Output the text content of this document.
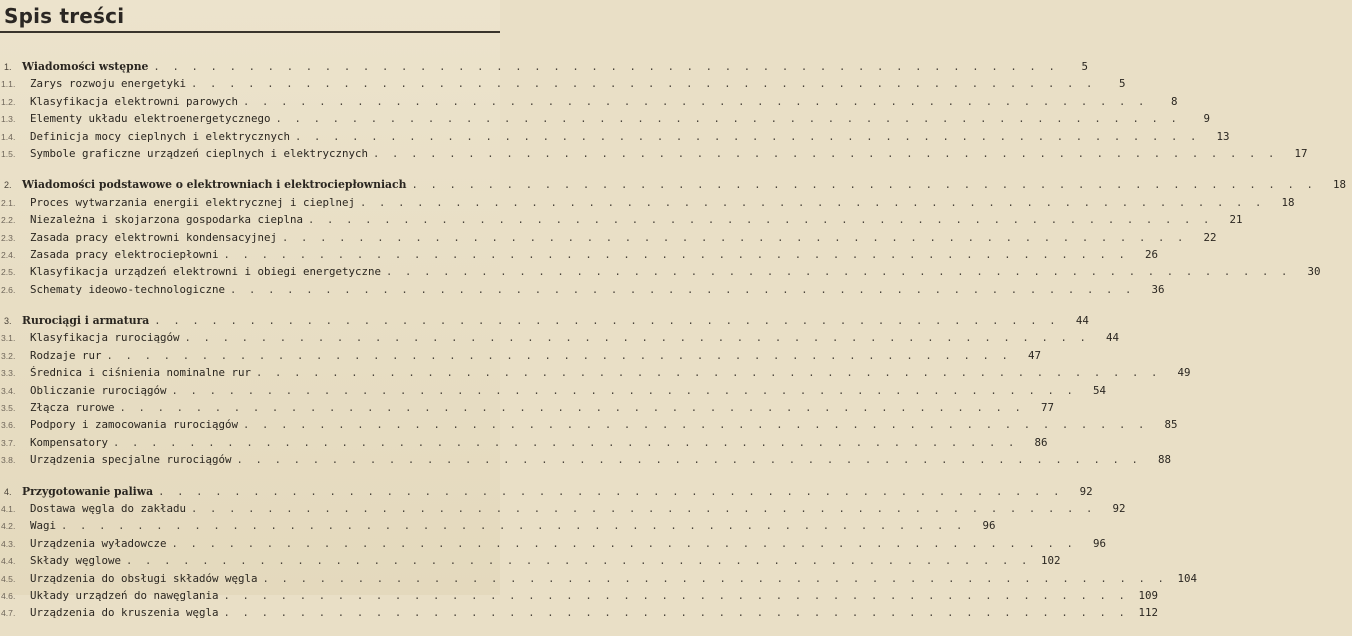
Spis treści
1. Wiadomości wstępne . . . . . . . . . . . . . . . . . . . . . . . . . . . . . . . . . . . . . . . . . . . . . . . .	5
1.1.	Zarys rozwoju energetyki . . . . . . . . . . . . . . . . . . . . . . . . . . . . . . . . . . . . . . . . . . . . . . . .	5
1.2.	Klasyfikacja elektrowni parowych . . . . . . . . . . . . . . . . . . . . . . . . . . . . . . . . . . . . . . . . . . . . . . . .	8
1.3.	Elementy układu elektroenergetycznego . . . . . . . . . . . . . . . . . . . . . . . . . . . . . . . . . . . . . . . . . . . . . . . .	9
1.4.	Definicja mocy cieplnych i elektrycznych . . . . . . . . . . . . . . . . . . . . . . . . . . . . . . . . . . . . . . . . . . . . . . . .	13
1.5.	Symbole graficzne urządzeń cieplnych i elektrycznych . . . . . . . . . . . . . . . . . . . . . . . . . . . . . . . . . . . . . . . . . . . . . . . .	17
2. Wiadomości podstawowe o elektrowniach i elektrociepłowniach . . . . . . . . . . . . . . . . . . . . . . . . . . . . . . . . . . . . . . . . . . . . . . . .	18
2.1.	Proces wytwarzania energii elektrycznej i cieplnej . . . . . . . . . . . . . . . . . . . . . . . . . . . . . . . . . . . . . . . . . . . . . . . .	18
2.2.	Niezależna i skojarzona gospodarka cieplna . . . . . . . . . . . . . . . . . . . . . . . . . . . . . . . . . . . . . . . . . . . . . . . .	21
2.3.	Zasada pracy elektrowni kondensacyjnej . . . . . . . . . . . . . . . . . . . . . . . . . . . . . . . . . . . . . . . . . . . . . . . .	22
2.4.	Zasada pracy elektrociepłowni . . . . . . . . . . . . . . . . . . . . . . . . . . . . . . . . . . . . . . . . . . . . . . . .	26
2.5.	Klasyfikacja urządzeń elektrowni i obiegi energetyczne . . . . . . . . . . . . . . . . . . . . . . . . . . . . . . . . . . . . . . . . . . . . . . . .	30
2.6.	Schematy ideowo-technologiczne . . . . . . . . . . . . . . . . . . . . . . . . . . . . . . . . . . . . . . . . . . . . . . . .	36
3. Rurociągi i armatura . . . . . . . . . . . . . . . . . . . . . . . . . . . . . . . . . . . . . . . . . . . . . . . .	44
3.1.	Klasyfikacja rurociągów . . . . . . . . . . . . . . . . . . . . . . . . . . . . . . . . . . . . . . . . . . . . . . . .	44
3.2.	Rodzaje rur . . . . . . . . . . . . . . . . . . . . . . . . . . . . . . . . . . . . . . . . . . . . . . . .	47
3.3.	Średnica i ciśnienia nominalne rur . . . . . . . . . . . . . . . . . . . . . . . . . . . . . . . . . . . . . . . . . . . . . . . .	49
3.4.	Obliczanie rurociągów . . . . . . . . . . . . . . . . . . . . . . . . . . . . . . . . . . . . . . . . . . . . . . . .	54
3.5.	Złącza rurowe . . . . . . . . . . . . . . . . . . . . . . . . . . . . . . . . . . . . . . . . . . . . . . . .	77
3.6.	Podpory i zamocowania rurociągów . . . . . . . . . . . . . . . . . . . . . . . . . . . . . . . . . . . . . . . . . . . . . . . .	85
3.7.	Kompensatory . . . . . . . . . . . . . . . . . . . . . . . . . . . . . . . . . . . . . . . . . . . . . . . .	86
3.8.	Urządzenia specjalne rurociągów . . . . . . . . . . . . . . . . . . . . . . . . . . . . . . . . . . . . . . . . . . . . . . . .	88
4. Przygotowanie paliwa . . . . . . . . . . . . . . . . . . . . . . . . . . . . . . . . . . . . . . . . . . . . . . . .	92
4.1.	Dostawa węgla do zakładu . . . . . . . . . . . . . . . . . . . . . . . . . . . . . . . . . . . . . . . . . . . . . . . .	92
4.2.	Wagi . . . . . . . . . . . . . . . . . . . . . . . . . . . . . . . . . . . . . . . . . . . . . . . .	96
4.3.	Urządzenia wyładowcze . . . . . . . . . . . . . . . . . . . . . . . . . . . . . . . . . . . . . . . . . . . . . . . .	96
4.4.	Składy węglowe . . . . . . . . . . . . . . . . . . . . . . . . . . . . . . . . . . . . . . . . . . . . . . . . 102
4.5.	Urządzenia do obsługi składów węgla . . . . . . . . . . . . . . . . . . . . . . . . . . . . . . . . . . . . . . . . . . . . . . . . 104
4.6.	Układy urządzeń do nawęglania . . . . . . . . . . . . . . . . . . . . . . . . . . . . . . . . . . . . . . . . . . . . . . . . 109
4.7.	Urządzenia do kruszenia węgla . . . . . . . . . . . . . . . . . . . . . . . . . . . . . . . . . . . . . . . . . . . . . . . . 112
